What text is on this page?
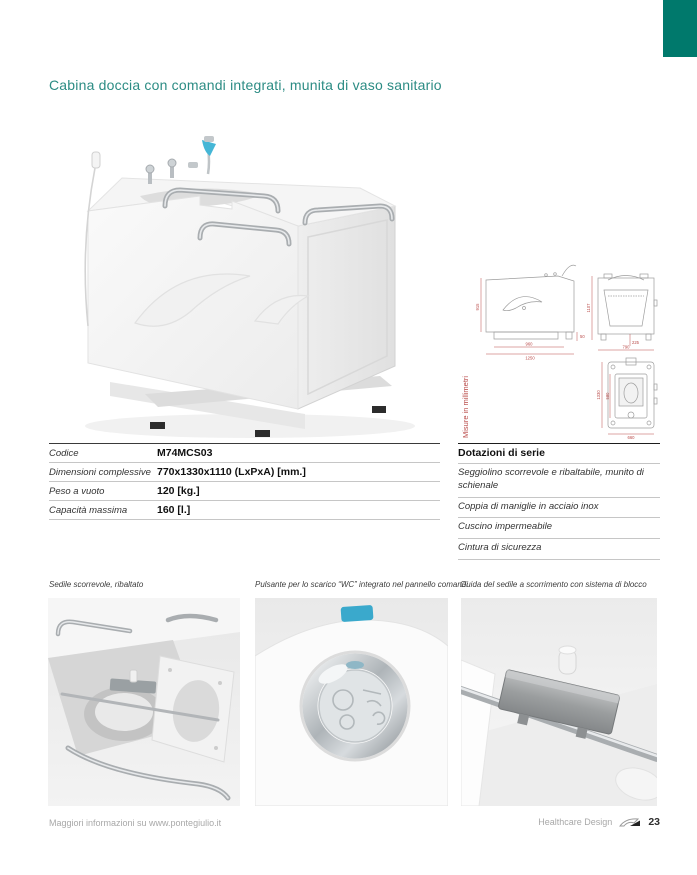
Cabina doccia con comandi integrati, munita di vaso sanitario
915
50
960
1250
1107
225
790
1330 580
660
Misure in millimetri
Codice	M74MCS03
Dimensioni complessive 770x1330x1110 (LxPxA) [mm.]
Peso a vuoto	120 [kg.]
Capacità massima	160 [l.]
Dotazioni di serie
Seggiolino scorrevole e ribaltabile, munito di schienale
Coppia di maniglie in acciaio inox
Cuscino impermeabile
Cintura di sicurezza
Sedile scorrevole, ribaltato	Pulsante per lo scarico “WC” integrato nel pannello comandi
Guida del sedile a scorrimento con sistema di blocco
Maggiori informazioni su www.pontegiulio.it	Healthcare Design	23
